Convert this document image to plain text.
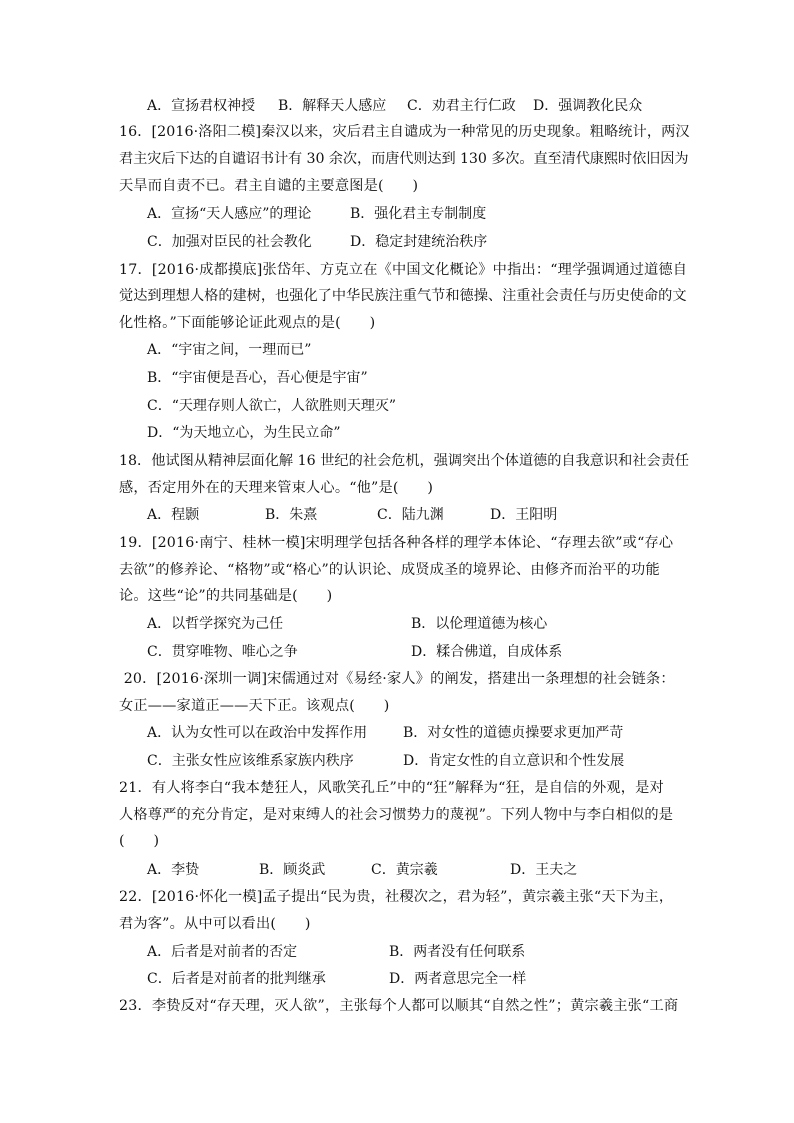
A．宣扬君权神授 B．解释天人感应 C．劝君主行仁政 D．强调教化民众
16．[2016·洛阳二模]秦汉以来，灾后君主自谴成为一种常见的历史现象。粗略统计，两汉
君主灾后下达的自谴诏书计有 30 余次，而唐代则达到 130 多次。直至清代康熙时依旧因为
天旱而自责不已。君主自谴的主要意图是(　　)
A．宣扬“天人感应”的理论	B．强化君主专制制度
C．加强对臣民的社会教化	D．稳定封建统治秩序
17．[2016·成都摸底]张岱年、方克立在《中国文化概论》中指出：“理学强调通过道德自
觉达到理想人格的建树，也强化了中华民族注重气节和德操、注重社会责任与历史使命的文
化性格。”下面能够论证此观点的是(　　)
A．“宇宙之间，一理而已”
B．“宇宙便是吾心，吾心便是宇宙”
C．“天理存则人欲亡，人欲胜则天理灭”
D．“为天地立心，为生民立命”
18．他试图从精神层面化解 16 世纪的社会危机，强调突出个体道德的自我意识和社会责任
感，否定用外在的天理来管束人心。“他”是(　　)
A．程颢	B．朱熹	C．陆九渊	D．王阳明
19．[2016·南宁、桂林一模]宋明理学包括各种各样的理学本体论、“存理去欲”或“存心
去欲”的修养论、“格物”或“格心”的认识论、成贤成圣的境界论、由修齐而治平的功能
论。这些“论”的共同基础是(　　)
A．以哲学探究为己任	B．以伦理道德为核心
C．贯穿唯物、唯心之争	D．糅合佛道，自成体系
20．[2016·深圳一调]宋儒通过对《易经·家人》的阐发，搭建出一条理想的社会链条：
女正——家道正——天下正。该观点(　　)
A．认为女性可以在政治中发挥作用	B．对女性的道德贞操要求更加严苛
C．主张女性应该维系家族内秩序	D．肯定女性的自立意识和个性发展
21．有人将李白“我本楚狂人，风歌笑孔丘”中的“狂”解释为“狂，是自信的外观，是对
人格尊严的充分肯定，是对束缚人的社会习惯势力的蔑视”。下列人物中与李白相似的是
(　　)
A．李贽	B．顾炎武	C．黄宗羲	D．王夫之
22．[2016·怀化一模]孟子提出“民为贵，社稷次之，君为轻”，黄宗羲主张“天下为主，
君为客”。从中可以看出(　　)
A．后者是对前者的否定	B．两者没有任何联系
C．后者是对前者的批判继承	D．两者意思完全一样
23．李贽反对“存天理，灭人欲”，主张每个人都可以顺其“自然之性”；黄宗羲主张“工商
